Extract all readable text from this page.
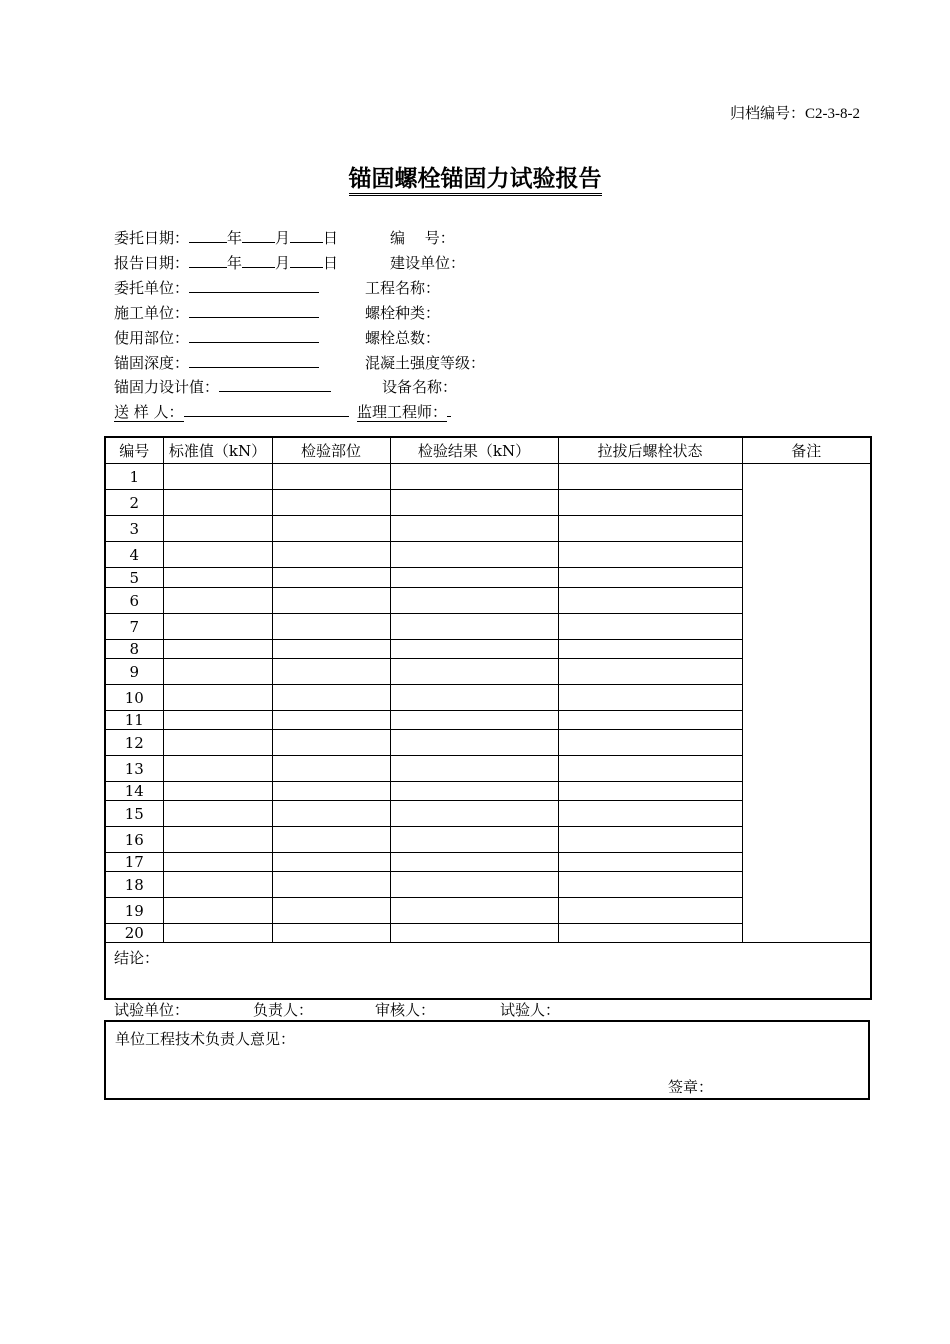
归档编号：C2-3-8-2
锚固螺栓锚固力试验报告
委托日期：	年 月 日	编　 号：
报告日期：	年 月 日	建设单位：
委托单位：	工程名称：
施工单位：	螺栓种类：
使用部位：	螺栓总数：
锚固深度：	混凝土强度等级：
锚固力设计值：	设备名称：
送 样 人：	监理工程师：
编号	标准值（kN）	检验部位	检验结果（kN）	拉拔后螺栓状态	备注
1					
2					
3					
4					
5					
6					
7					
8					
9					
10					
11					
12					
13					
14					
15					
16					
17					
18					
19					
20					
结论：					
试验单位：	负责人：	审核人：	试验人：
单位工程技术负责人意见：
签章：
